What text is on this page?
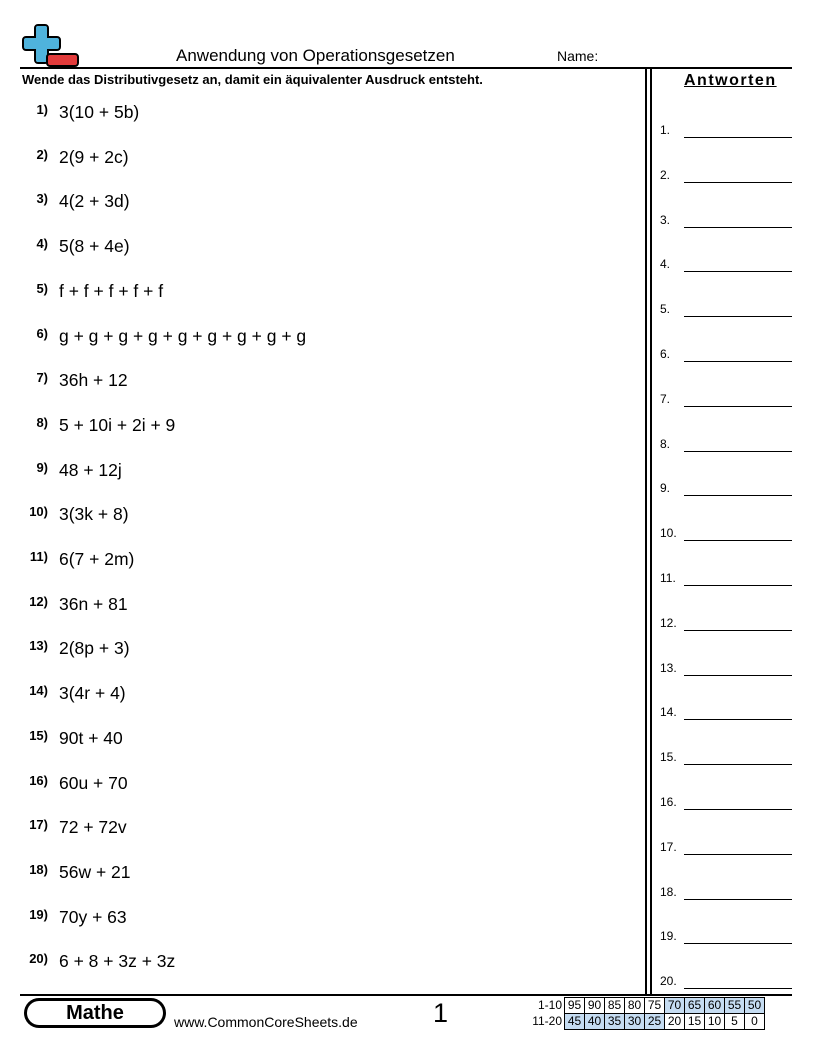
Anwendung von Operationsgesetzen	Name:
Wende das Distributivgesetz an, damit ein äquivalenter Ausdruck entsteht.	Antworten
1) 3(10 + 5b)
2) 2(9 + 2c)
3) 4(2 + 3d)
4) 5(8 + 4e)
5) f + f + f + f + f
6) g + g + g + g + g + g + g + g + g
7) 36h + 12
8) 5 + 10i + 2i + 9
9) 48 + 12j
10) 3(3k + 8)
11) 6(7 + 2m)
12) 36n + 81
13) 2(8p + 3)
14) 3(4r + 4)
15) 90t + 40
16) 60u + 70
17) 72 + 72v
18) 56w + 21
19) 70y + 63
20) 6 + 8 + 3z + 3z
1.
2.
3.
4.
5.
6.
7.
8.
9.
10.
11.
12.
13.
14.
15.
16.
17.
18.
19.
20.
Mathe	www.CommonCoreSheets.de	1	1-10	95	90	85	80	75	70	65	60	55	50
11-20	45	40	35	30	25	20	15	10	5	0
